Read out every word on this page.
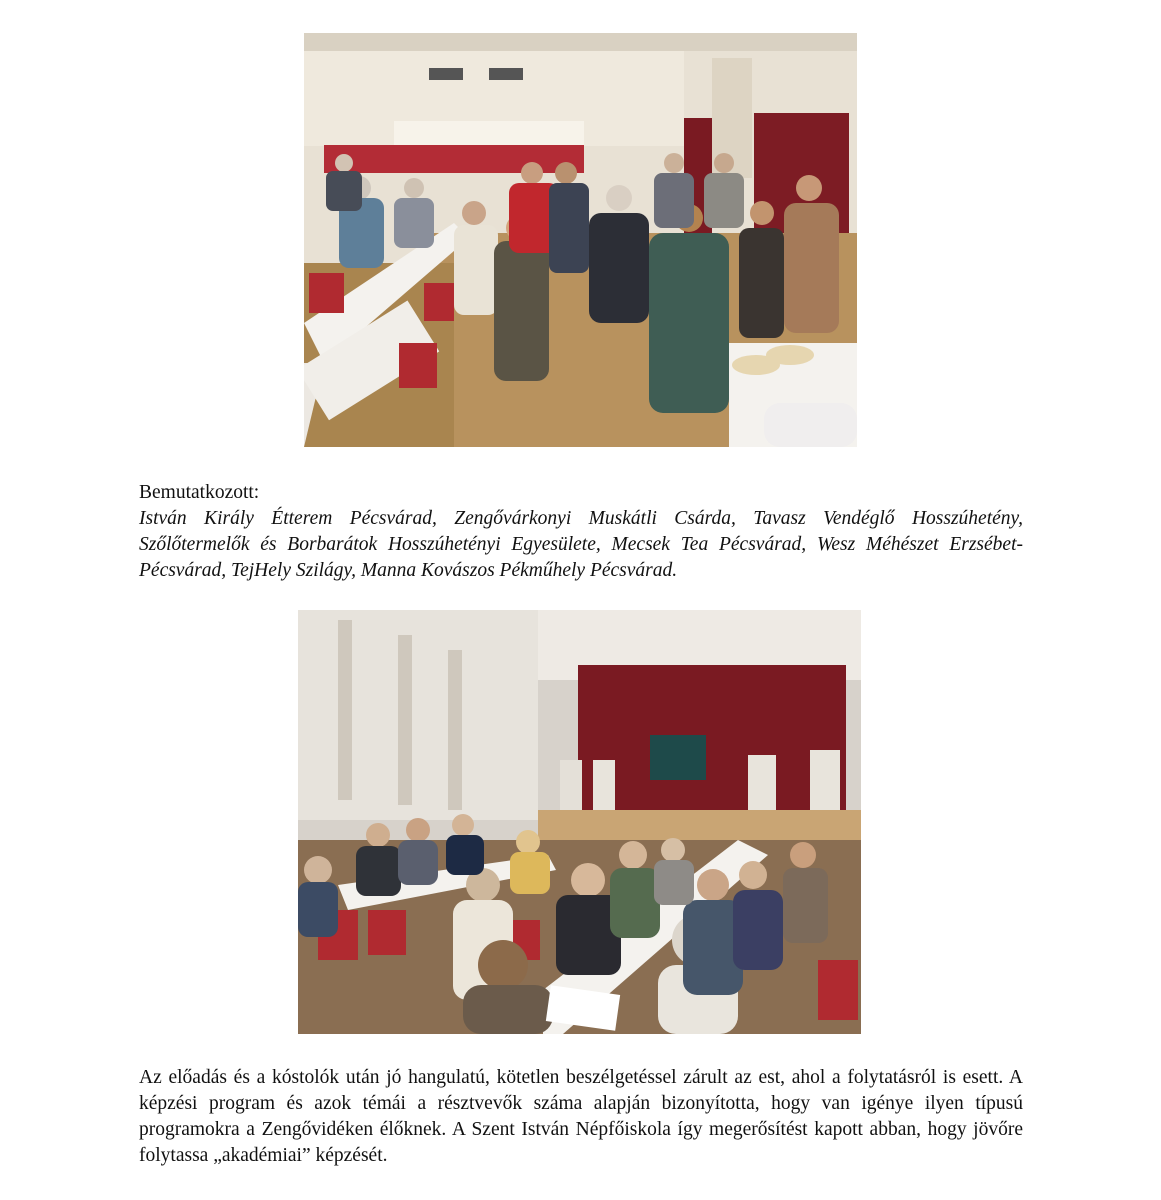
Bemutatkozott:
István Király Étterem Pécsvárad, Zengővárkonyi Muskátli Csárda, Tavasz Vendéglő Hosszúhetény, Szőlőtermelők és Borbarátok Hosszúhetényi Egyesülete, Mecsek Tea Pécsvárad, Wesz Méhészet Erzsébet-Pécsvárad, TejHely Szilágy, Manna Kovászos Pékműhely Pécsvárad.
Az előadás és a kóstolók után jó hangulatú, kötetlen beszélgetéssel zárult az est, ahol a folytatásról is esett. A képzési program és azok témái a résztvevők száma alapján bizonyította, hogy van igénye ilyen típusú programokra a Zengővidéken élőknek. A Szent István Népfőiskola így megerősítést kapott abban, hogy jövőre folytassa „akadémiai” képzését.
